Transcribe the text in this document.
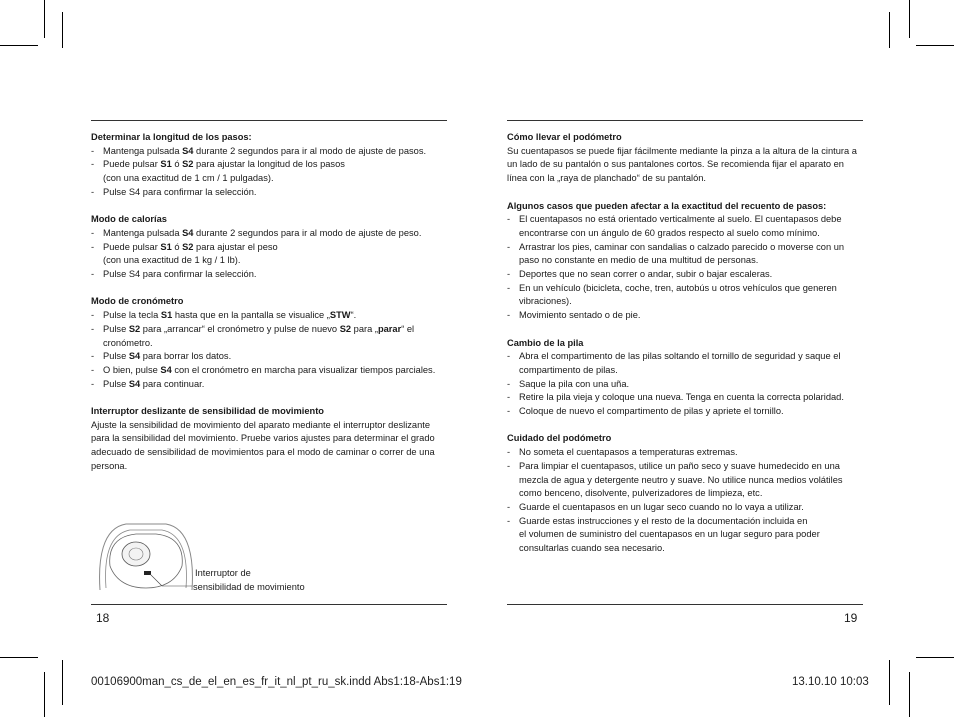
Determinar la longitud de los pasos:

- Mantenga pulsada S4 durante 2 segundos para ir al modo de ajuste de pasos.
- Puede pulsar S1 ó S2 para ajustar la longitud de los pasos
(con una exactitud de 1 cm / 1 pulgadas).
- Pulse S4 para confirmar la selección.

Modo de calorías

- Mantenga pulsada S4 durante 2 segundos para ir al modo de ajuste de peso.
- Puede pulsar S1 ó S2 para ajustar el peso
(con una exactitud de 1 kg / 1 lb).
- Pulse S4 para confirmar la selección.

Modo de cronómetro

- Pulse la tecla S1 hasta que en la pantalla se visualice „STW“.
- Pulse S2 para „arrancar“ el cronómetro y pulse de nuevo S2 para „parar“ el cronómetro.
- Pulse S4 para borrar los datos.
- O bien, pulse S4 con el cronómetro en marcha para visualizar tiempos parciales.
- Pulse S4 para continuar.

Interruptor deslizante de sensibilidad de movimiento

Ajuste la sensibilidad de movimiento del aparato mediante el interruptor deslizante para la sensibilidad del movimiento. Pruebe varios ajustes para determinar el grado adecuado de sensibilidad de movimientos para el modo de caminar o correr de una persona.

Cómo llevar el podómetro

Su cuentapasos se puede fijar fácilmente mediante la pinza a la altura de la cintura a un lado de su pantalón o sus pantalones cortos. Se recomienda fijar el aparato en línea con la „raya de planchado“ de su pantalón.

Algunos casos que pueden afectar a la exactitud del recuento de pasos:

- El cuentapasos no está orientado verticalmente al suelo. El cuentapasos debe encontrarse con un ángulo de 60 grados respecto al suelo como mínimo.
- Arrastrar los pies, caminar con sandalias o calzado parecido o moverse con un paso no constante en medio de una multitud de personas.
- Deportes que no sean correr o andar, subir o bajar escaleras.
- En un vehículo (bicicleta, coche, tren, autobús u otros vehículos que generen vibraciones).
- Movimiento sentado o de pie.

Cambio de la pila

- Abra el compartimento de las pilas soltando el tornillo de seguridad y saque el compartimento de pilas.
- Saque la pila con una uña.
- Retire la pila vieja y coloque una nueva. Tenga en cuenta la correcta polaridad.
- Coloque de nuevo el compartimento de pilas y apriete el tornillo.

Cuidado del podómetro

- No someta el cuentapasos a temperaturas extremas.
- Para limpiar el cuentapasos, utilice un paño seco y suave humedecido en una mezcla de agua y detergente neutro y suave. No utilice nunca medios volátiles como benceno, disolvente, pulverizadores de limpieza, etc.
- Guarde el cuentapasos en un lugar seco cuando no lo vaya a utilizar.
- Guarde estas instrucciones y el resto de la documentación incluida en
el volumen de suministro del cuentapasos en un lugar seguro para poder consultarlas cuando sea necesario.
Interruptor de
sensibilidad de movimiento
18	19
00106900man_cs_de_el_en_es_fr_it_nl_pt_ru_sk.indd Abs1:18-Abs1:19	13.10.10 10:03
